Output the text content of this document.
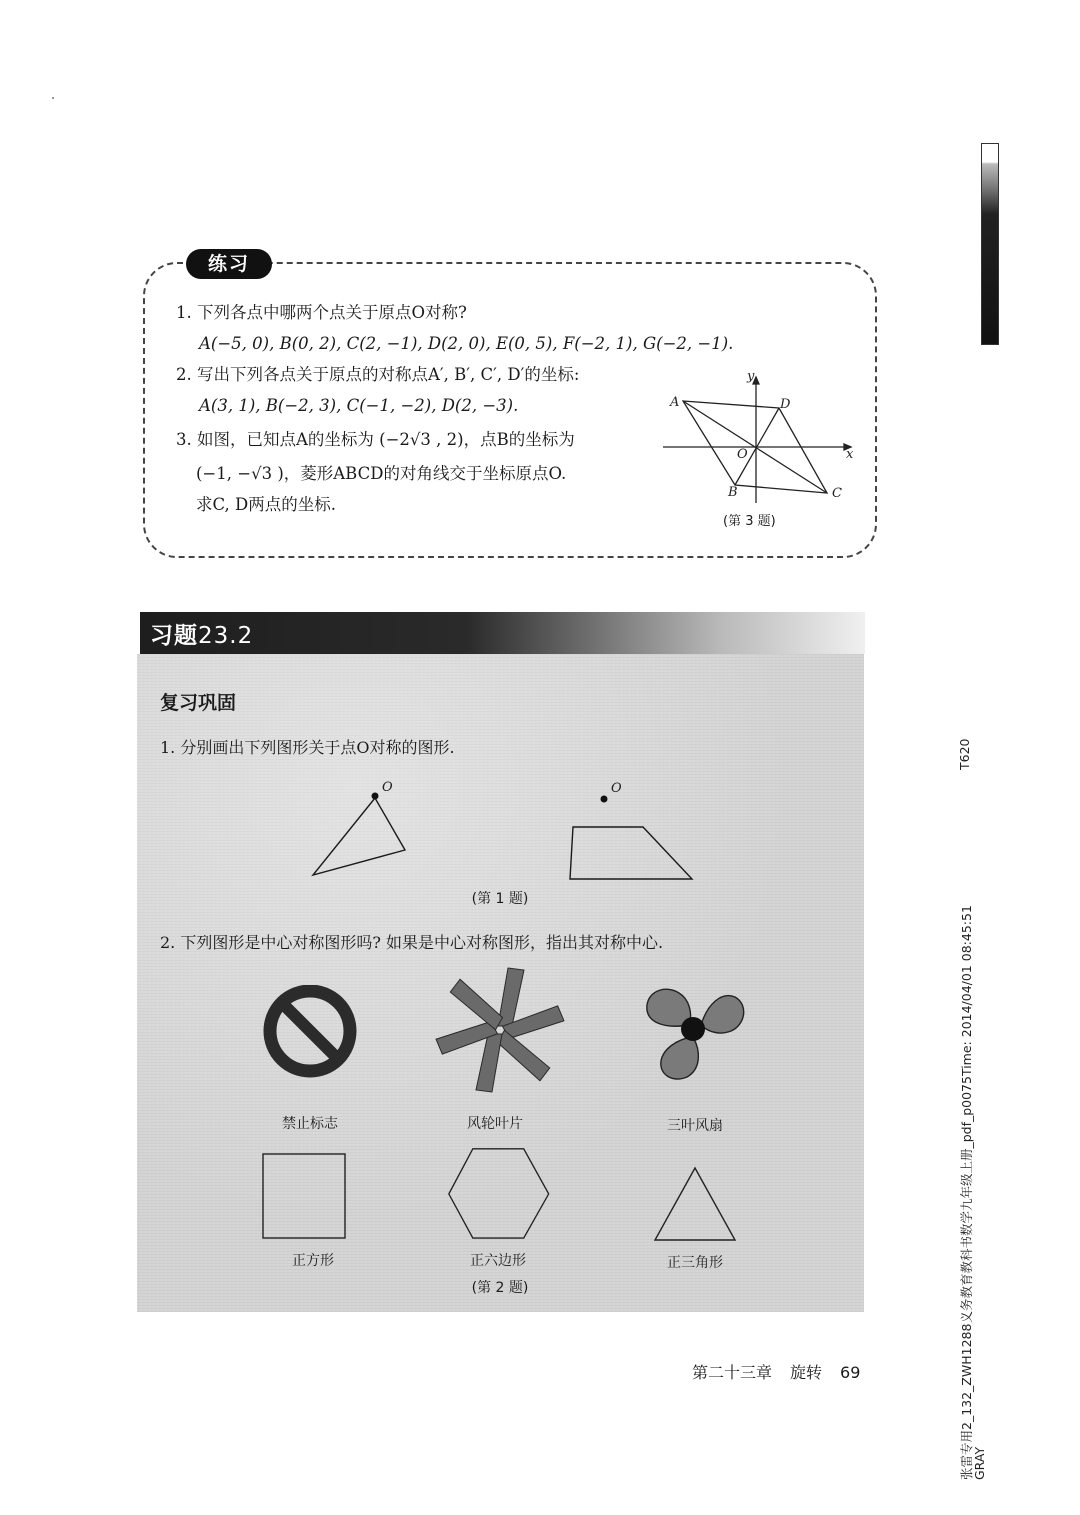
练习
1. 下列各点中哪两个点关于原点O对称?
A(−5, 0), B(0, 2), C(2, −1), D(2, 0), E(0, 5), F(−2, 1), G(−2, −1).
2. 写出下列各点关于原点的对称点A′, B′, C′, D′的坐标:
A(3, 1), B(−2, 3), C(−1, −2), D(2, −3).
3. 如图，已知点A的坐标为 (−2√3 , 2)，点B的坐标为
(−1, −√3 )，菱形ABCD的对角线交于坐标原点O.
求C, D两点的坐标.
A	D
O	x
y
B	C
(第 3 题)
习题23.2
复习巩固
1. 分别画出下列图形关于点O对称的图形.
O	O
(第 1 题)
2. 下列图形是中心对称图形吗? 如果是中心对称图形，指出其对称中心.
禁止标志	风轮叶片	三叶风扇
正方形	正六边形	正三角形
(第 2 题)
第二十三章 旋转 69
T620
张雷专用2_132_ZWH1288义务教育教科书数学九年级上册_pdf_p0075Time: 2014/04/01 08:45:51
GRAY
